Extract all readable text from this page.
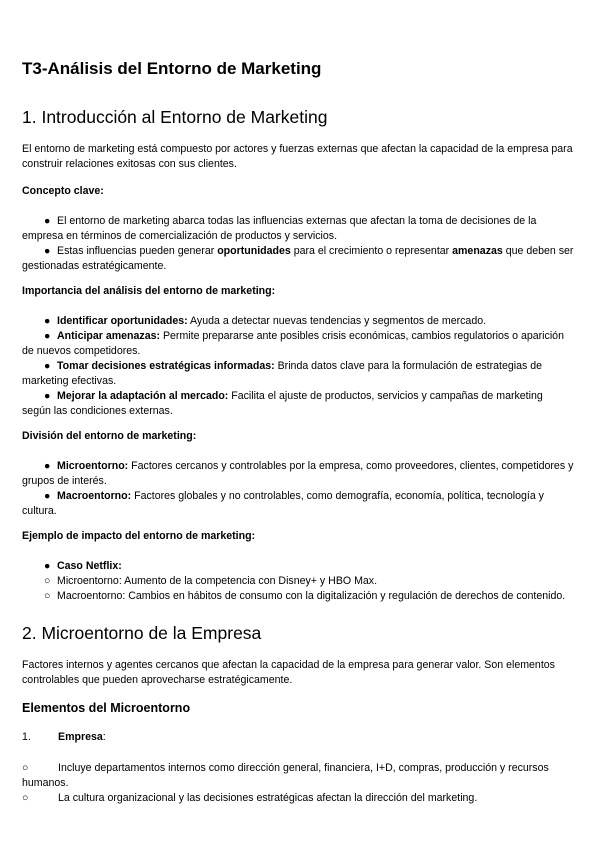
T3-Análisis del Entorno de Marketing
1. Introducción al Entorno de Marketing

El entorno de marketing está compuesto por actores y fuerzas externas que afectan la capacidad de la empresa para construir relaciones exitosas con sus clientes.

Concepto clave:
● El entorno de marketing abarca todas las influencias externas que afectan la toma de decisiones de la empresa en términos de comercialización de productos y servicios.
● Estas influencias pueden generar oportunidades para el crecimiento o representar amenazas que deben ser gestionadas estratégicamente.
Importancia del análisis del entorno de marketing:
● Identificar oportunidades: Ayuda a detectar nuevas tendencias y segmentos de mercado.
● Anticipar amenazas: Permite prepararse ante posibles crisis económicas, cambios regulatorios o aparición de nuevos competidores.
● Tomar decisiones estratégicas informadas: Brinda datos clave para la formulación de estrategias de marketing efectivas.
● Mejorar la adaptación al mercado: Facilita el ajuste de productos, servicios y campañas de marketing según las condiciones externas.
División del entorno de marketing:
● Microentorno: Factores cercanos y controlables por la empresa, como proveedores, clientes, competidores y grupos de interés.
● Macroentorno: Factores globales y no controlables, como demografía, economía, política, tecnología y cultura.
Ejemplo de impacto del entorno de marketing:
● Caso Netflix:
○ Microentorno: Aumento de la competencia con Disney+ y HBO Max.
○ Macroentorno: Cambios en hábitos de consumo con la digitalización y regulación de derechos de contenido.
2. Microentorno de la Empresa

Factores internos y agentes cercanos que afectan la capacidad de la empresa para generar valor. Son elementos controlables que pueden aprovecharse estratégicamente.

Elementos del Microentorno
1.	Empresa:
○	Incluye departamentos internos como dirección general, financiera, I+D, compras, producción y recursos humanos.
○	La cultura organizacional y las decisiones estratégicas afectan la dirección del marketing.
